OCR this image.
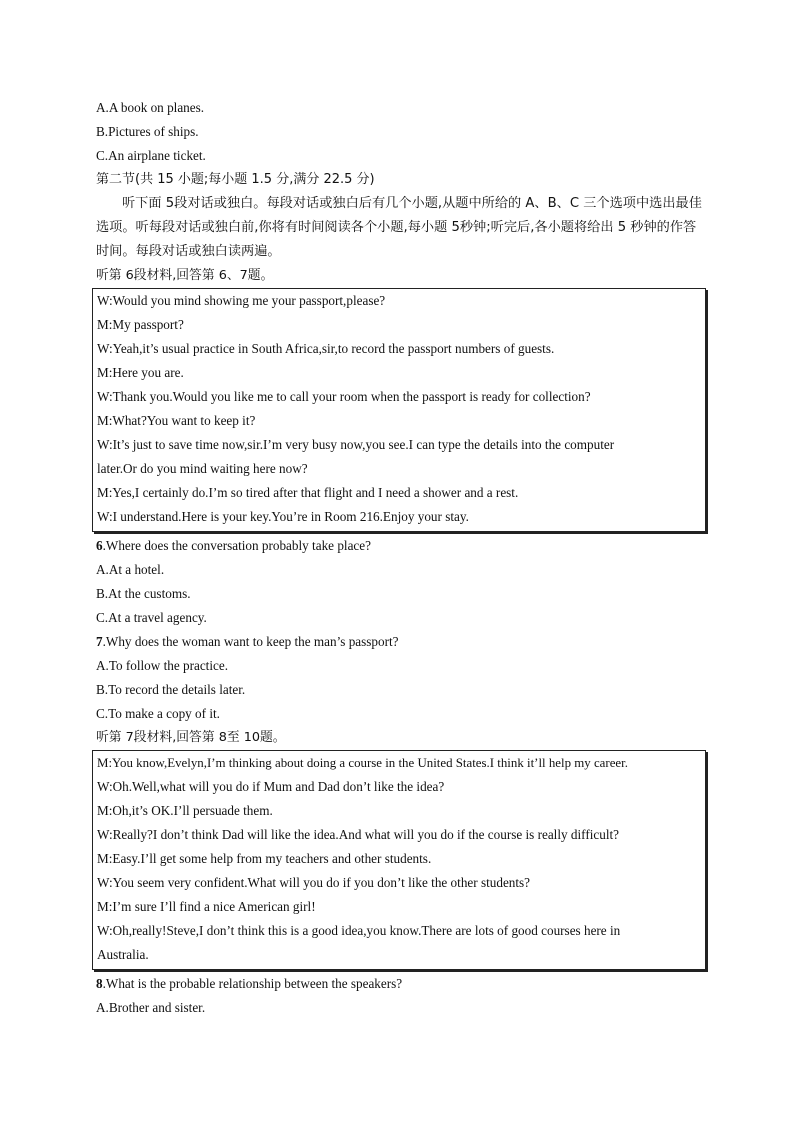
A.A book on planes.
B.Pictures of ships.
C.An airplane ticket.
第二节(共 15 小题;每小题 1.5 分,满分 22.5 分)
听下面 5段对话或独白。每段对话或独白后有几个小题,从题中所给的 A、B、C 三个选项中选出最佳选项。听每段对话或独白前,你将有时间阅读各个小题,每小题 5秒钟;听完后,各小题将给出 5 秒钟的作答时间。每段对话或独白读两遍。
听第 6段材料,回答第 6、7题。
W:Would you mind showing me your passport,please?
M:My passport?
W:Yeah,it’s usual practice in South Africa,sir,to record the passport numbers of guests.
M:Here you are.
W:Thank you.Would you like me to call your room when the passport is ready for collection?
M:What?You want to keep it?
W:It’s just to save time now,sir.I’m very busy now,you see.I can type the details into the computer
later.Or do you mind waiting here now?
M:Yes,I certainly do.I’m so tired after that flight and I need a shower and a rest.
W:I understand.Here is your key.You’re in Room 216.Enjoy your stay.
6.Where does the conversation probably take place?
A.At a hotel.
B.At the customs.
C.At a travel agency.
7.Why does the woman want to keep the man’s passport?
A.To follow the practice.
B.To record the details later.
C.To make a copy of it.
听第 7段材料,回答第 8至 10题。
M:You know,Evelyn,I’m thinking about doing a course in the United States.I think it’ll help my career.
W:Oh.Well,what will you do if Mum and Dad don’t like the idea?
M:Oh,it’s OK.I’ll persuade them.
W:Really?I don’t think Dad will like the idea.And what will you do if the course is really difficult?
M:Easy.I’ll get some help from my teachers and other students.
W:You seem very confident.What will you do if you don’t like the other students?
M:I’m sure I’ll find a nice American girl!
W:Oh,really!Steve,I don’t think this is a good idea,you know.There are lots of good courses here in
Australia.
8.What is the probable relationship between the speakers?
A.Brother and sister.
